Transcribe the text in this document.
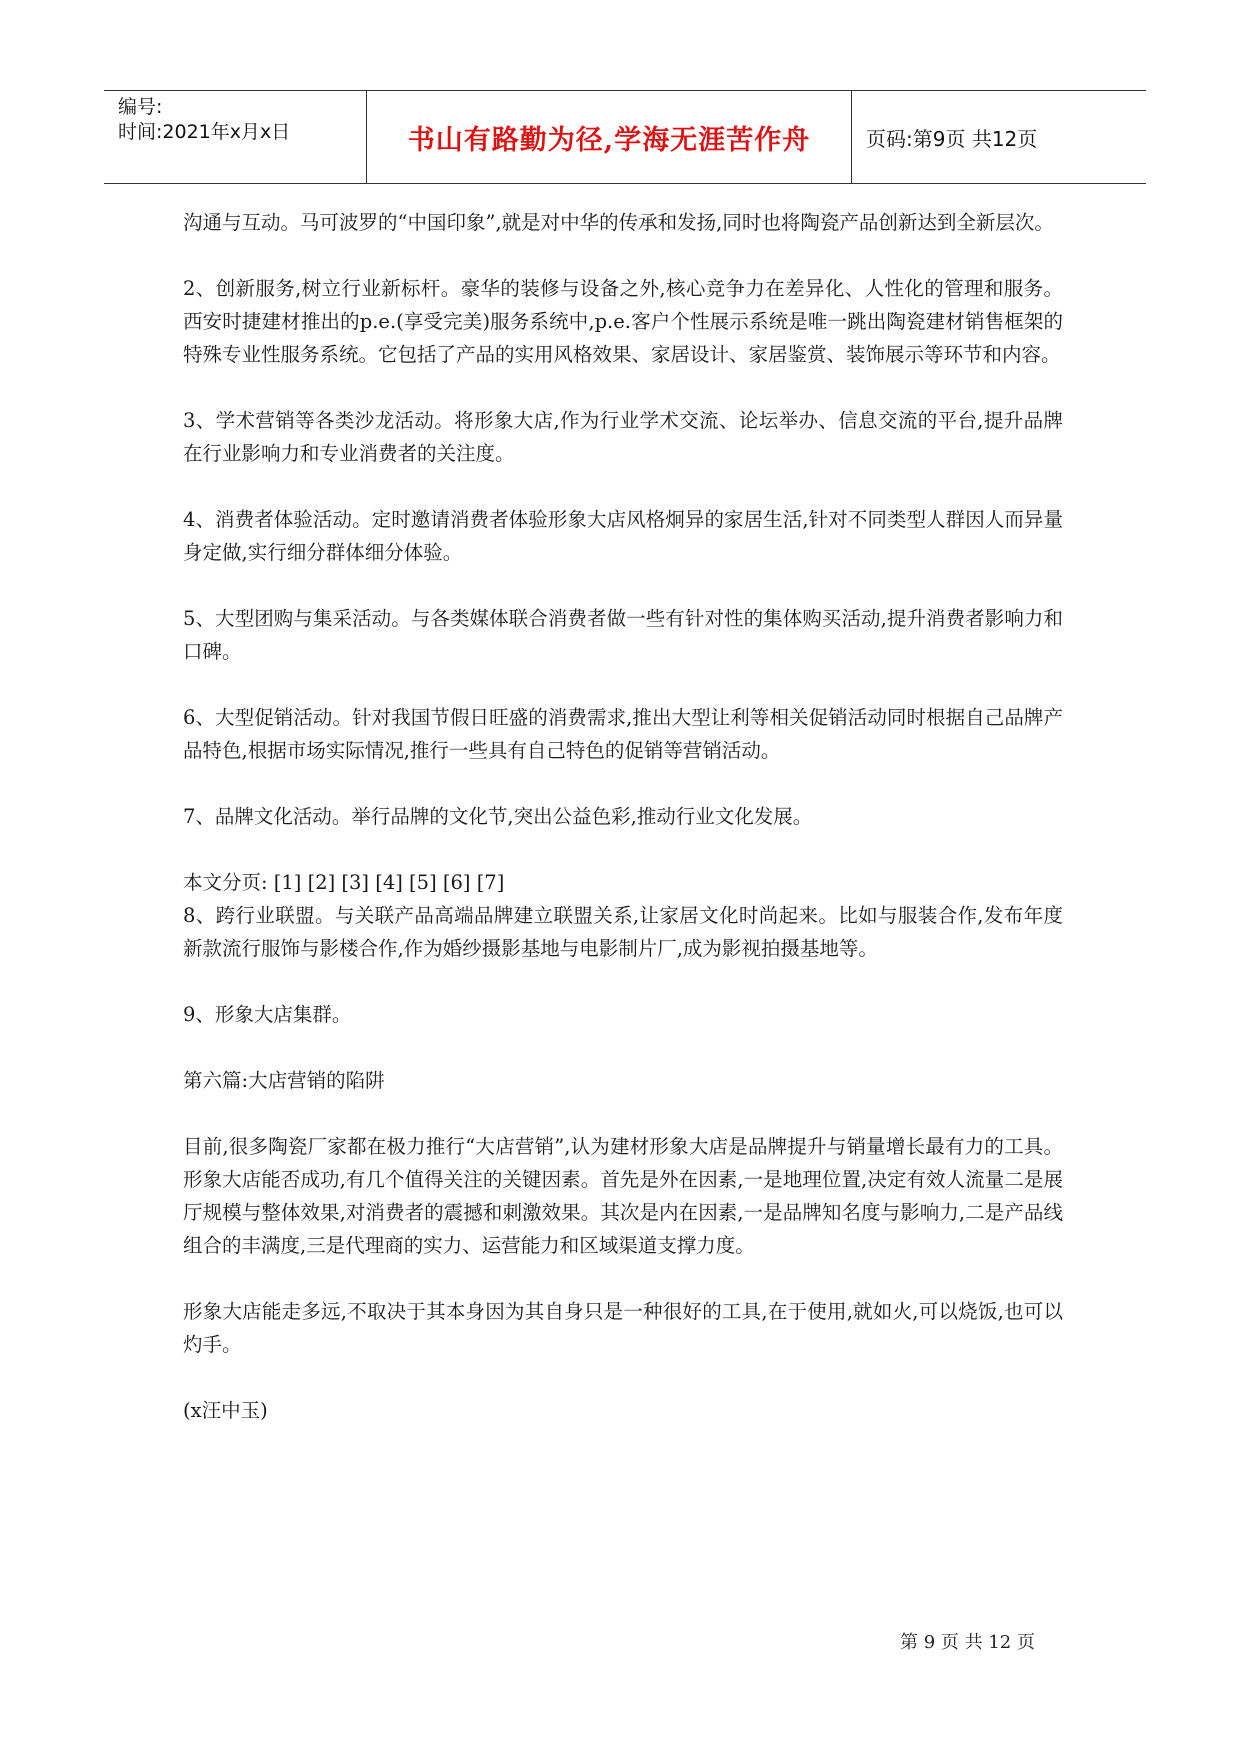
编号:
时间:2021年x月x日	书山有路勤为径,学海无涯苦作舟	页码:第9页 共12页

沟通与互动。马可波罗的“中国印象”,就是对中华的传承和发扬,同时也将陶瓷产品创新达到全新层次。

2、创新服务,树立行业新标杆。豪华的装修与设备之外,核心竞争力在差异化、人性化的管理和服务。西安时捷建材推出的p.e.(享受完美)服务系统中,p.e.客户个性展示系统是唯一跳出陶瓷建材销售框架的特殊专业性服务系统。它包括了产品的实用风格效果、家居设计、家居鉴赏、装饰展示等环节和内容。

3、学术营销等各类沙龙活动。将形象大店,作为行业学术交流、论坛举办、信息交流的平台,提升品牌在行业影响力和专业消费者的关注度。

4、消费者体验活动。定时邀请消费者体验形象大店风格炯异的家居生活,针对不同类型人群因人而异量身定做,实行细分群体细分体验。

5、大型团购与集采活动。与各类媒体联合消费者做一些有针对性的集体购买活动,提升消费者影响力和口碑。

6、大型促销活动。针对我国节假日旺盛的消费需求,推出大型让利等相关促销活动同时根据自己品牌产品特色,根据市场实际情况,推行一些具有自己特色的促销等营销活动。

7、品牌文化活动。举行品牌的文化节,突出公益色彩,推动行业文化发展。

本文分页: [1] [2] [3] [4] [5] [6] [7]

8、跨行业联盟。与关联产品高端品牌建立联盟关系,让家居文化时尚起来。比如与服装合作,发布年度新款流行服饰与影楼合作,作为婚纱摄影基地与电影制片厂,成为影视拍摄基地等。

9、形象大店集群。

第六篇:大店营销的陷阱

目前,很多陶瓷厂家都在极力推行“大店营销”,认为建材形象大店是品牌提升与销量增长最有力的工具。形象大店能否成功,有几个值得关注的关键因素。首先是外在因素,一是地理位置,决定有效人流量二是展厅规模与整体效果,对消费者的震撼和刺激效果。其次是内在因素,一是品牌知名度与影响力,二是产品线组合的丰满度,三是代理商的实力、运营能力和区域渠道支撑力度。

形象大店能走多远,不取决于其本身因为其自身只是一种很好的工具,在于使用,就如火,可以烧饭,也可以灼手。

(x汪中玉)

第 9 页 共 12 页
